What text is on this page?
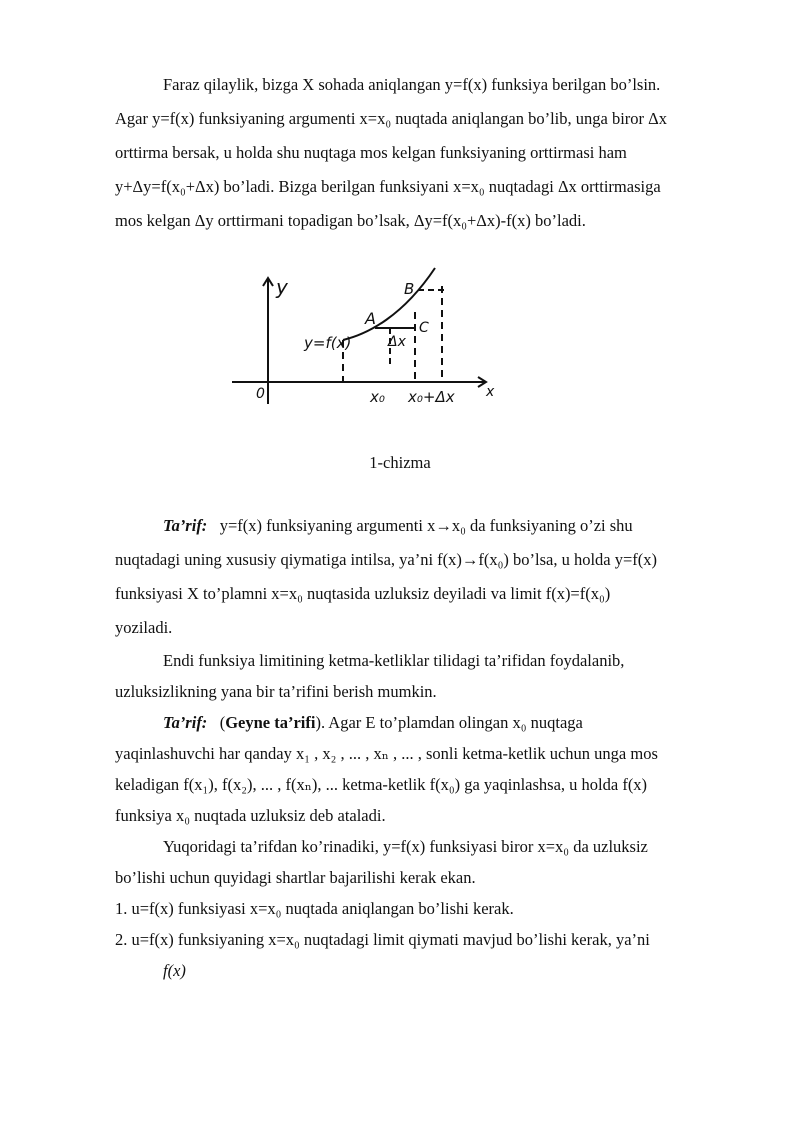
Faraz qilaylik, bizga X sohada aniqlangan y=f(x) funksiya berilgan bo’lsin.

Agar y=f(x) funksiyaning argumenti x=x₀ nuqtada aniqlangan bo’lib, unga biror Δx

orttirma bersak, u holda shu nuqtaga mos kelgan funksiyaning orttirmasi ham

y+Δy=f(x₀+Δx) bo’ladi. Bizga berilgan funksiyani x=x₀ nuqtadagi Δx orttirmasiga

mos kelgan Δy orttirmani topadigan bo’lsak, Δy=f(x₀+Δx)-f(x) bo’ladi.

y
x
0
y=f(x)
A
B
C
Δx
x₀ x₀+Δx
1-chizma

Ta’rif: y=f(x) funksiyaning argumenti x→x₀ da funksiyaning o’zi shu

nuqtadagi uning xususiy qiymatiga intilsa, ya’ni f(x)→f(x₀) bo’lsa, u holda y=f(x)

funksiyasi X to’plamni x=x₀ nuqtasida uzluksiz deyiladi va limit f(x)=f(x₀)

yoziladi.

Endi funksiya limitining ketma-ketliklar tilidagi ta’rifidan foydalanib,

uzluksizlikning yana bir ta’rifini berish mumkin.

Ta’rif:   (Geyne ta’rifi). Agar E to’plamdan olingan x₀ nuqtaga

yaqinlashuvchi har qanday x₁ , x₂ , ... , xₙ , ... , sonli ketma-ketlik uchun unga mos

keladigan f(x₁), f(x₂), ... , f(xₙ), ... ketma-ketlik f(x₀) ga yaqinlashsa, u holda f(x)

funksiya x₀ nuqtada uzluksiz deb ataladi.

Yuqoridagi ta’rifdan ko’rinadiki, y=f(x) funksiyasi biror x=x₀ da uzluksiz

bo’lishi uchun quyidagi shartlar bajarilishi kerak ekan.

1. u=f(x) funksiyasi x=x₀ nuqtada aniqlangan bo’lishi kerak.

2. u=f(x) funksiyaning x=x₀ nuqtadagi limit qiymati mavjud bo’lishi kerak, ya’ni

f(x)
